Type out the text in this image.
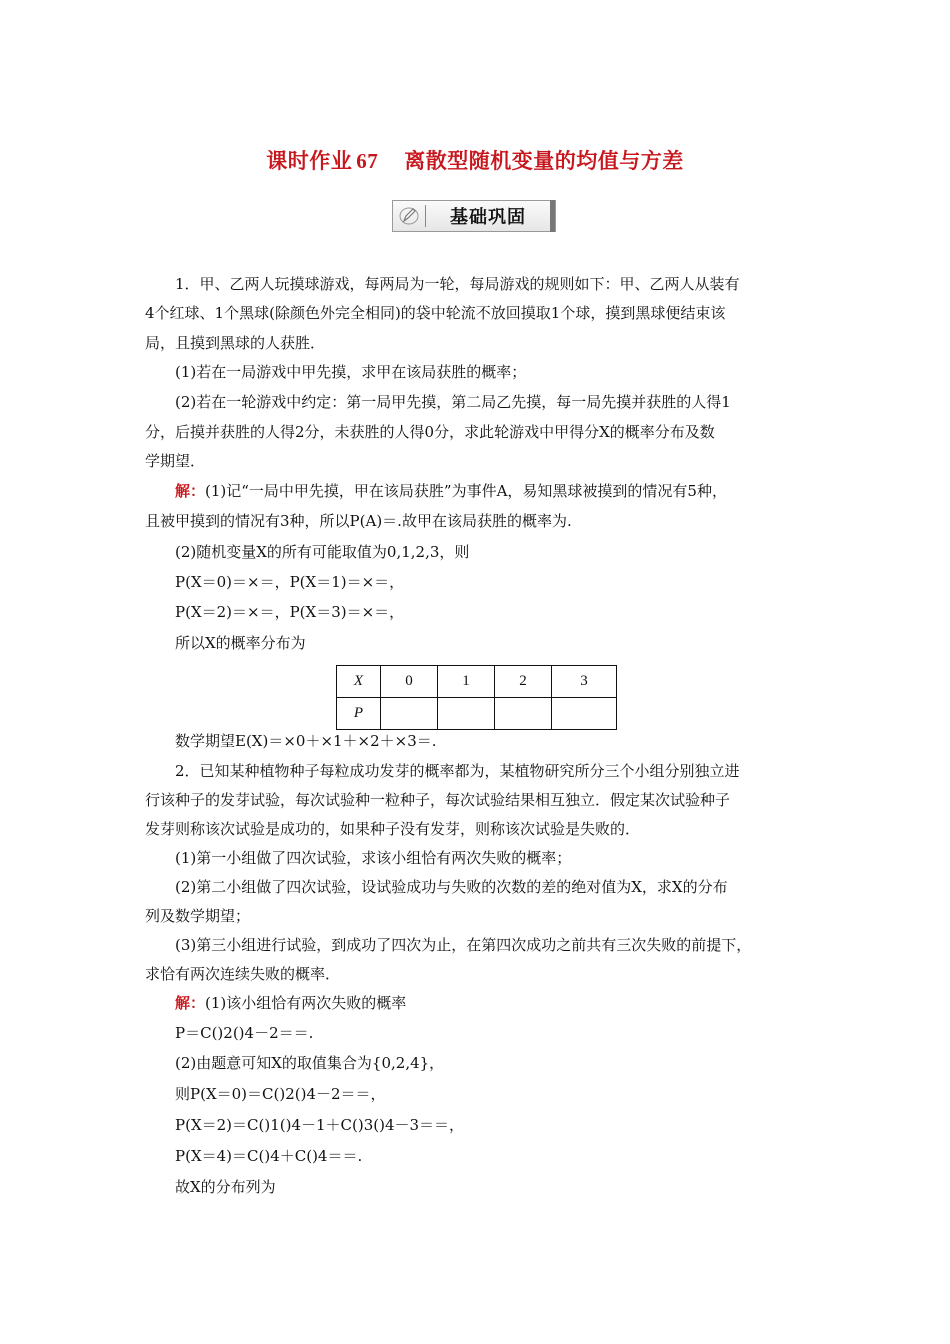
课时作业 67 离散型随机变量的均值与方差
基础巩固
1．甲、乙两人玩摸球游戏，每两局为一轮，每局游戏的规则如下：甲、乙两人从装有
4个红球、1个黑球(除颜色外完全相同)的袋中轮流不放回摸取1个球，摸到黑球便结束该
局，且摸到黑球的人获胜．
(1)若在一局游戏中甲先摸，求甲在该局获胜的概率；
(2)若在一轮游戏中约定：第一局甲先摸，第二局乙先摸，每一局先摸并获胜的人得1
分，后摸并获胜的人得2分，未获胜的人得0分，求此轮游戏中甲得分X的概率分布及数
学期望．
解：(1)记“一局中甲先摸，甲在该局获胜”为事件A，易知黑球被摸到的情况有5种，
且被甲摸到的情况有3种，所以P(A)＝.故甲在该局获胜的概率为.
(2)随机变量X的所有可能取值为0,1,2,3，则
P(X＝0)＝×＝，P(X＝1)＝×＝，
P(X＝2)＝×＝，P(X＝3)＝×＝，
所以X的概率分布为
X	0	1	2	3
P				
数学期望E(X)＝×0＋×1＋×2＋×3＝.
2．已知某种植物种子每粒成功发芽的概率都为，某植物研究所分三个小组分别独立进
行该种子的发芽试验，每次试验种一粒种子，每次试验结果相互独立．假定某次试验种子
发芽则称该次试验是成功的，如果种子没有发芽，则称该次试验是失败的．
(1)第一小组做了四次试验，求该小组恰有两次失败的概率；
(2)第二小组做了四次试验，设试验成功与失败的次数的差的绝对值为X，求X的分布
列及数学期望；
(3)第三小组进行试验，到成功了四次为止，在第四次成功之前共有三次失败的前提下，
求恰有两次连续失败的概率．
解：(1)该小组恰有两次失败的概率
P＝C()2()4－2＝＝.
(2)由题意可知X的取值集合为{0,2,4}，
则P(X＝0)＝C()2()4－2＝＝，
P(X＝2)＝C()1()4－1＋C()3()4－3＝＝，
P(X＝4)＝C()4＋C()4＝＝.
故X的分布列为
